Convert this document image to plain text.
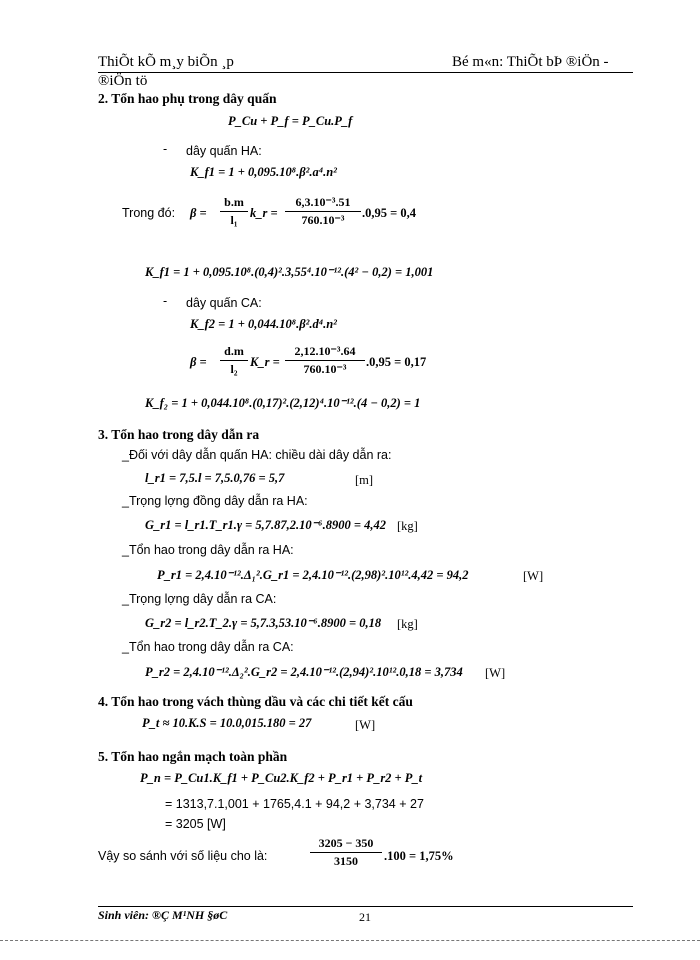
ThiÕt kÕ m¸y biÕn ¸p	Bé m«n: ThiÕt bÞ ®iÖn -
®iÖn tö
2. Tổn hao phụ trong dây quấn
P_Cu + P_f = P_Cu.P_f
- dây quấn HA:
K_f1 = 1 + 0,095.10⁸.β².a⁴.n²
Trong đó: β =
b.m
l₁	k_r =
6,3.10⁻³.51
760.10⁻³	.0,95 = 0,4
K_f1 = 1 + 0,095.10⁸.(0,4)².3,55⁴.10⁻¹².(4² − 0,2) = 1,001
- dây quấn CA:
K_f2 = 1 + 0,044.10⁸.β².d⁴.n²
β =
d.m
l₂	K_r =
2,12.10⁻³.64
760.10⁻³	.0,95 = 0,17
K_f₂ = 1 + 0,044.10⁸.(0,17)².(2,12)⁴.10⁻¹².(4 − 0,2) = 1
3. Tổn hao trong dây dẫn ra
_Đối với dây dẫn quấn HA: chiều dài dây dẫn ra:
l_r1 = 7,5.l = 7,5.0,76 = 5,7	[m]
_Trọng lợng đồng dây dẫn ra HA:
G_r1 = l_r1.T_r1.γ = 5,7.87,2.10⁻⁶.8900 = 4,42 [kg]
_Tổn hao trong dây dẫn ra HA:
P_r1 = 2,4.10⁻¹².Δ₁².G_r1 = 2,4.10⁻¹².(2,98)².10¹².4,42 = 94,2	[W]
_Trọng lợng dây dẫn ra CA:
G_r2 = l_r2.T_2.γ = 5,7.3,53.10⁻⁶.8900 = 0,18 [kg]
_Tổn hao trong dây dẫn ra CA:
P_r2 = 2,4.10⁻¹².Δ₂².G_r2 = 2,4.10⁻¹².(2,94)².10¹².0,18 = 3,734 [W]
4. Tổn hao trong vách thùng dầu và các chi tiết kết cấu
P_t ≈ 10.K.S = 10.0,015.180 = 27	[W]
5. Tổn hao ngắn mạch toàn phần
P_n = P_Cu1.K_f1 + P_Cu2.K_f2 + P_r1 + P_r2 + P_t
= 1313,7.1,001 + 1765,4.1 + 94,2 + 3,734 + 27
= 3205 [W]
Vậy so sánh với số liệu cho là:
3205 − 350
3150	.100 = 1,75%
Sinh viên: ®Ç M¹NH §øC	21
